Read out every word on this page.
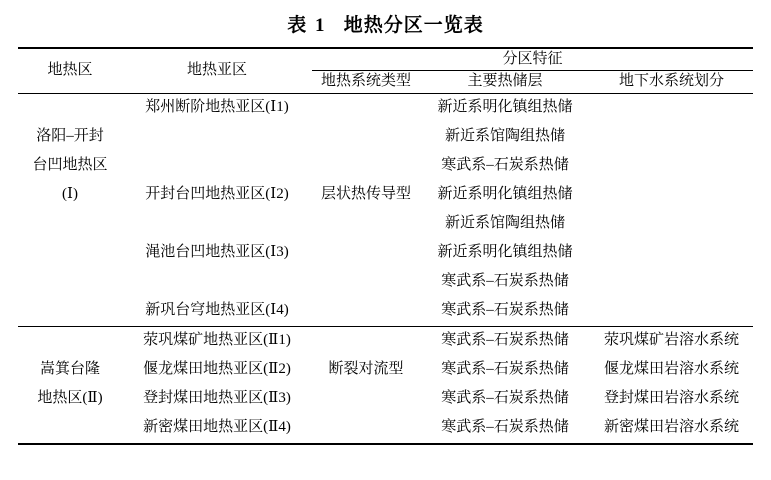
表 1 地热分区一览表
地热区	地热亚区	分区特征		
		地热系统类型	主要热储层	地下水系统划分
	郑州断阶地热亚区(Ⅰ1)		新近系明化镇组热储	
洛阳–开封			新近系馆陶组热储	
台凹地热区			寒武系–石炭系热储	
(Ⅰ)	开封台凹地热亚区(Ⅰ2)	层状热传导型	新近系明化镇组热储	
			新近系馆陶组热储	
	渑池台凹地热亚区(Ⅰ3)		新近系明化镇组热储	
			寒武系–石炭系热储	
	新巩台穹地热亚区(Ⅰ4)		寒武系–石炭系热储	
	荥巩煤矿地热亚区(Ⅱ1)		寒武系–石炭系热储	荥巩煤矿岩溶水系统
嵩箕台隆	偃龙煤田地热亚区(Ⅱ2)	断裂对流型	寒武系–石炭系热储	偃龙煤田岩溶水系统
地热区(Ⅱ)	登封煤田地热亚区(Ⅱ3)		寒武系–石炭系热储	登封煤田岩溶水系统
	新密煤田地热亚区(Ⅱ4)		寒武系–石炭系热储	新密煤田岩溶水系统
